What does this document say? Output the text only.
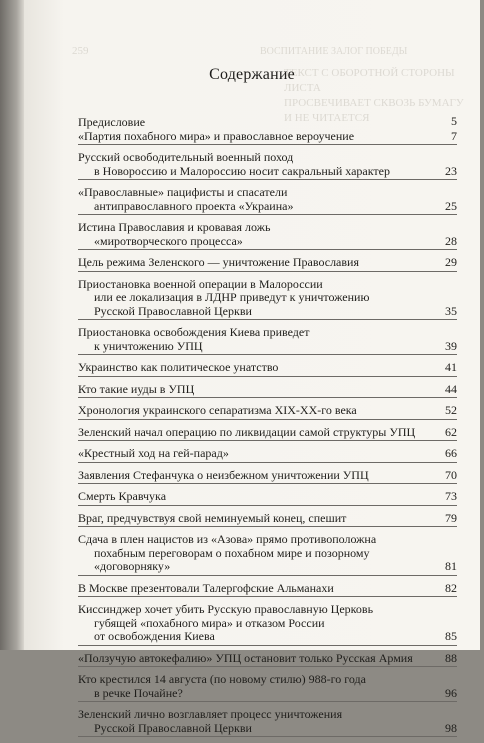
259	ВОСПИТАНИЕ ЗАЛОГ ПОБЕДЫ
ТЕКСТ С ОБОРОТНОЙ СТОРОНЫ ЛИСТА
ПРОСВЕЧИВАЕТ СКВОЗЬ БУМАГУ
И НЕ ЧИТАЕТСЯ
Содержание
Предисловие	5
«Партия похабного мира» и православное вероучение	7
Русский освободительный военный поход
в Новороссию и Малороссию носит сакральный характер	23
«Православные» пацифисты и спасатели
антиправославного проекта «Украина»	25
Истина Православия и кровавая ложь
«миротворческого процесса»	28
Цель режима Зеленского — уничтожение Православия	29
Приостановка военной операции в Малороссии
или ее локализация в ЛДНР приведут к уничтожению
Русской Православной Церкви	35
Приостановка освобождения Киева приведет
к уничтожению УПЦ	39
Украинство как политическое унатство	41
Кто такие иуды в УПЦ	44
Хронология украинского сепаратизма XIX-XX-го века	52
Зеленский начал операцию по ликвидации самой структуры УПЦ	62
«Крестный ход на гей-парад»	66
Заявления Стефанчука о неизбежном уничтожении УПЦ	70
Смерть Кравчука	73
Враг, предчувствуя свой неминуемый конец, спешит	79
Сдача в плен нацистов из «Азова» прямо противоположна
похабным переговорам о похабном мире и позорному
«договорняку»	81
В Москве презентовали Талергофские Альманахи	82
Киссинджер хочет убить Русскую православную Церковь
губящей «похабного мира» и отказом России
от освобождения Киева	85
«Ползучую автокефалию» УПЦ остановит только Русская Армия	88
Кто крестился 14 августа (по новому стилю) 988-го года
в речке Почайне?	96
Зеленский лично возглавляет процесс уничтожения
Русской Православной Церкви	98
